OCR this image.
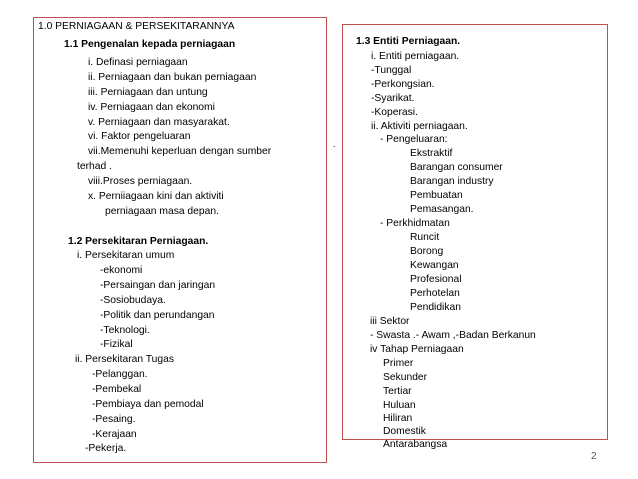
1.0 PERNIAGAAN & PERSEKITARANNYA
1.1 Pengenalan kepada perniagaan
i. Definasi perniagaan
ii. Perniagaan dan bukan perniagaan
iii. Perniagaan dan untung
iv. Perniagaan dan ekonomi
v. Perniagaan dan masyarakat.
vi. Faktor pengeluaran
vii.Memenuhi keperluan dengan sumber
terhad .
viii.Proses perniagaan.
x. Perniiagaan kini dan aktiviti
perniagaan masa depan.
1.2 Persekitaran Perniagaan.
i. Persekitaran umum
-ekonomi
-Persaingan dan jaringan
-Sosiobudaya.
-Politik dan perundangan
-Teknologi.
-Fizikal
ii. Persekitaran Tugas
-Pelanggan.
-Pembekal
-Pembiaya dan pemodal
-Pesaing.
-Kerajaan
-Pekerja.
1.3 Entiti Perniagaan.
i. Entiti perniagaan.
-Tunggal
-Perkongsian.
-Syarikat.
-Koperasi.
ii. Aktiviti perniagaan.
- Pengeluaran:
Ekstraktif
Barangan consumer
Barangan industry
Pembuatan
Pemasangan.
- Perkhidmatan
Runcit
Borong
Kewangan
Profesional
Perhotelan
Pendidikan
iii Sektor
- Swasta .- Awam ,-Badan Berkanun
iv Tahap Perniagaan
Primer
Sekunder
Tertiar
Huluan
Hiliran
Domestik
Antarabangsa
.
2
